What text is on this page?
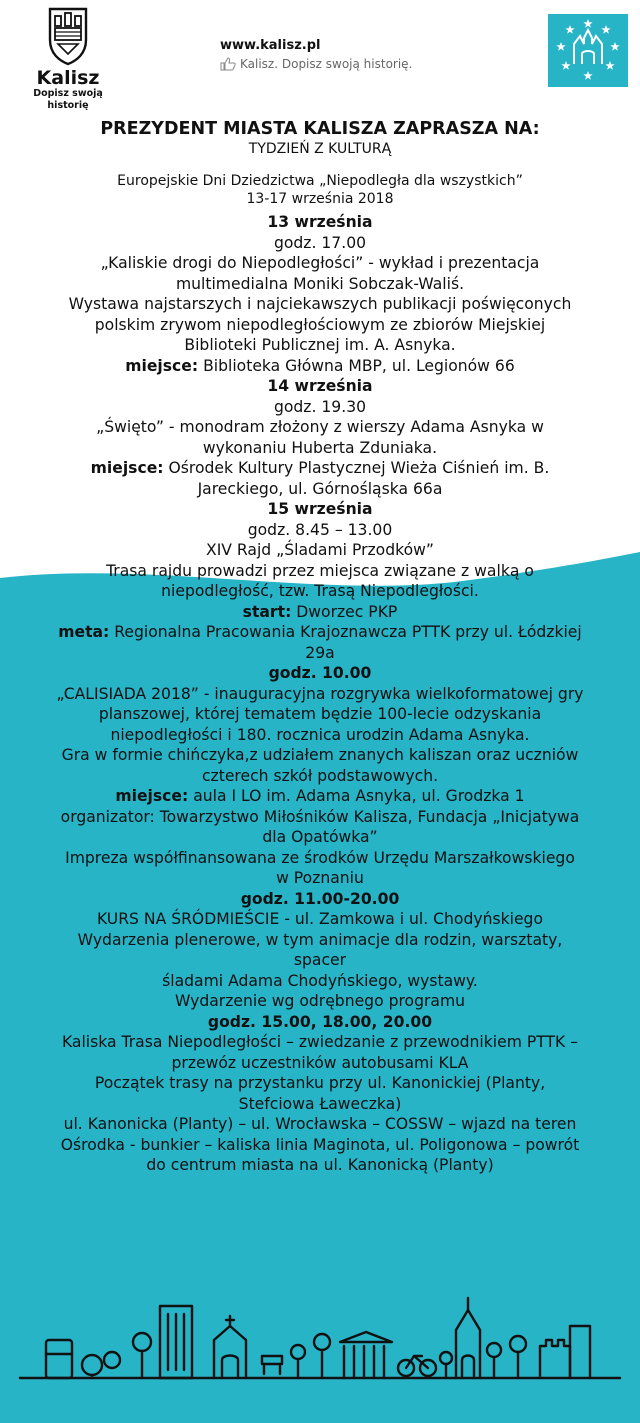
Kalisz
Dopisz swoją historię
www.kalisz.pl
Kalisz. Dopisz swoją historię.
PREZYDENT MIASTA KALISZA ZAPRASZA NA:
TYDZIEŃ Z KULTURĄ
Europejskie Dni Dziedzictwa „Niepodległa dla wszystkich”
13-17 września 2018
13 września
godz. 17.00
„Kaliskie drogi do Niepodległości” - wykład i prezentacja
multimedialna Moniki Sobczak-Waliś.
Wystawa najstarszych i najciekawszych publikacji poświęconych
polskim zrywom niepodległościowym ze zbiorów Miejskiej
Biblioteki Publicznej im. A. Asnyka.
miejsce: Biblioteka Główna MBP, ul. Legionów 66
14 września
godz. 19.30
„Święto” - monodram złożony z wierszy Adama Asnyka w
wykonaniu Huberta Zduniaka.
miejsce: Ośrodek Kultury Plastycznej Wieża Ciśnień im. B.
Jareckiego, ul. Górnośląska 66a
15 września
godz. 8.45 – 13.00
XIV Rajd „Śladami Przodków”
Trasa rajdu prowadzi przez miejsca związane z walką o
niepodległość, tzw. Trasą Niepodległości.
start: Dworzec PKP
meta: Regionalna Pracowania Krajoznawcza PTTK przy ul. Łódzkiej
29a
godz. 10.00
„CALISIADA 2018” - inauguracyjna rozgrywka wielkoformatowej gry
planszowej, której tematem będzie 100-lecie odzyskania
niepodległości i 180. rocznica urodzin Adama Asnyka.
Gra w formie chińczyka,z udziałem znanych kaliszan oraz uczniów
czterech szkół podstawowych.
miejsce: aula I LO im. Adama Asnyka, ul. Grodzka 1
organizator: Towarzystwo Miłośników Kalisza, Fundacja „Inicjatywa
dla Opatówka”
Impreza współfinansowana ze środków Urzędu Marszałkowskiego
w Poznaniu
godz. 11.00-20.00
KURS NA ŚRÓDMIEŚCIE - ul. Zamkowa i ul. Chodyńskiego
Wydarzenia plenerowe, w tym animacje dla rodzin, warsztaty,
spacer
śladami Adama Chodyńskiego, wystawy.
Wydarzenie wg odrębnego programu
godz. 15.00, 18.00, 20.00
Kaliska Trasa Niepodległości – zwiedzanie z przewodnikiem PTTK –
przewóz uczestników autobusami KLA
Początek trasy na przystanku przy ul. Kanonickiej (Planty,
Stefciowa Ławeczka)
ul. Kanonicka (Planty) – ul. Wrocławska – COSSW – wjazd na teren
Ośrodka - bunkier – kaliska linia Maginota, ul. Poligonowa – powrót
do centrum miasta na ul. Kanonicką (Planty)
